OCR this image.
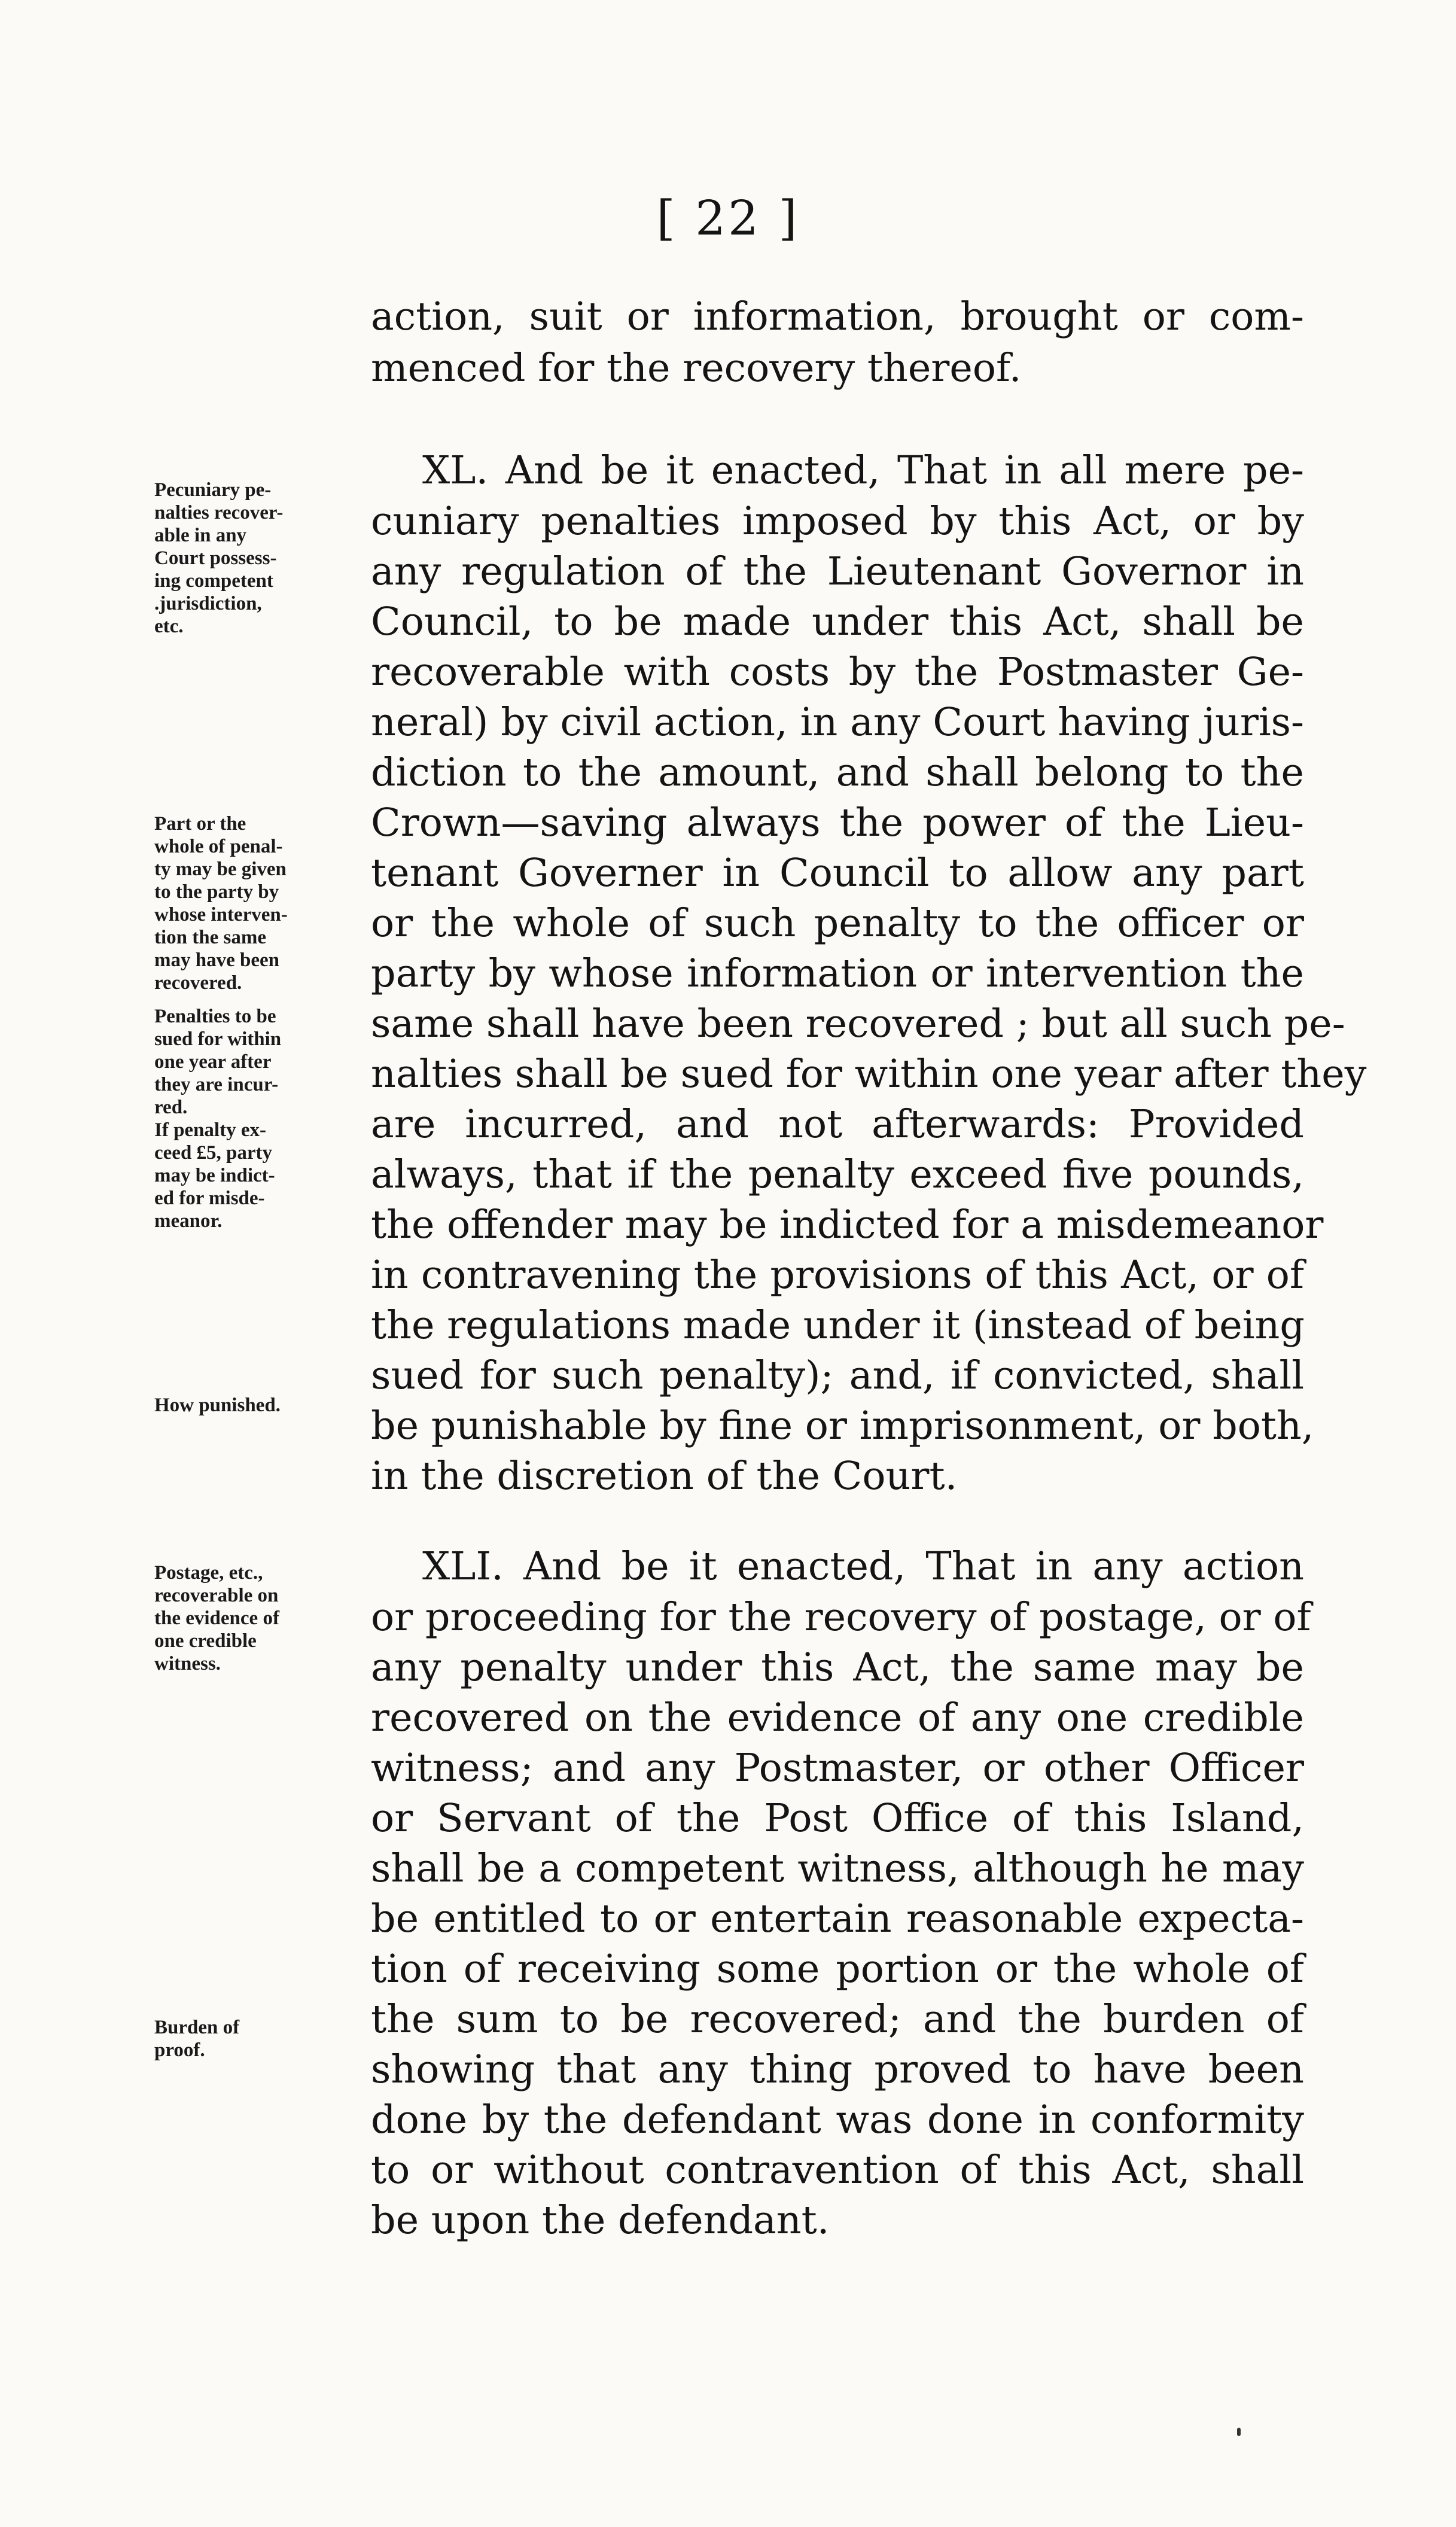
[ 22 ]
action, suit or information, brought or com-
menced for the recovery thereof.
XL. And be it enacted, That in all mere pe-
cuniary penalties imposed by this Act, or by
any regulation of the Lieutenant Governor in
Council, to be made under this Act, shall be
recoverable with costs by the Postmaster Ge-
neral) by civil action, in any Court having juris-
diction to the amount, and shall belong to the
Crown—saving always the power of the Lieu-
tenant Governer in Council to allow any part
or the whole of such penalty to the officer or
party by whose information or intervention the
same shall have been recovered ; but all such pe-
nalties shall be sued for within one year after they
are incurred, and not afterwards: Provided
always, that if the penalty exceed five pounds,
the offender may be indicted for a misdemeanor
in contravening the provisions of this Act, or of
the regulations made under it (instead of being
sued for such penalty); and, if convicted, shall
be punishable by fine or imprisonment, or both,
in the discretion of the Court.
XLI. And be it enacted, That in any action
or proceeding for the recovery of postage, or of
any penalty under this Act, the same may be
recovered on the evidence of any one credible
witness; and any Postmaster, or other Officer
or Servant of the Post Office of this Island,
shall be a competent witness, although he may
be entitled to or entertain reasonable expecta-
tion of receiving some portion or the whole of
the sum to be recovered; and the burden of
showing that any thing proved to have been
done by the defendant was done in conformity
to or without contravention of this Act, shall
be upon the defendant.
Pecuniary pe-
nalties recover-
able in any
Court possess-
ing competent
.jurisdiction,
etc.
Part or the
whole of penal-
ty may be given
to the party by
whose interven-
tion the same
may have been
recovered.
Penalties to be
sued for within
one year after
they are incur-
red.
If penalty ex-
ceed £5, party
may be indict-
ed for misde-
meanor.
How punished.
Postage, etc.,
recoverable on
the evidence of
one credible
witness.
Burden of
proof.
